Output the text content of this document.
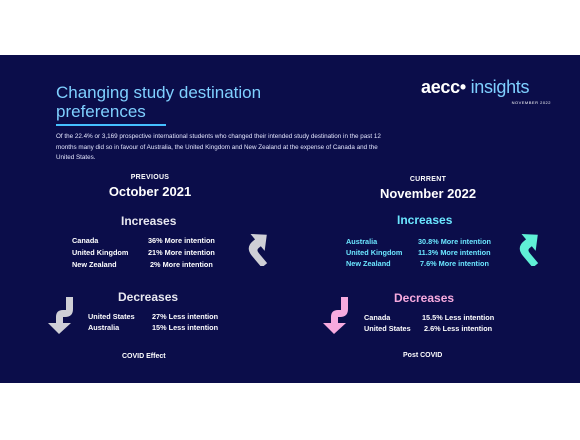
Changing study destination preferences
Of the 22.4% or 3,169 prospective international students who changed their intended study destination in the past 12 months many did so in favour of Australia, the United Kingdom and New Zealand at the expense of Canada and the United States.
aecc• insights
NOVEMBER 2022
PREVIOUS
October 2021
Increases
Canada	36% More intention
United Kingdom	21% More intention
New Zealand	2% More intention
Decreases
United States	27% Less intention
Australia	15% Less intention
COVID Effect
CURRENT
November 2022
Increases
Australia	30.8% More intention
United Kingdom	11.3% More intention
New Zealand	7.6% More intention
Decreases
Canada	15.5% Less intention
United States	2.6% Less intention
Post COVID
